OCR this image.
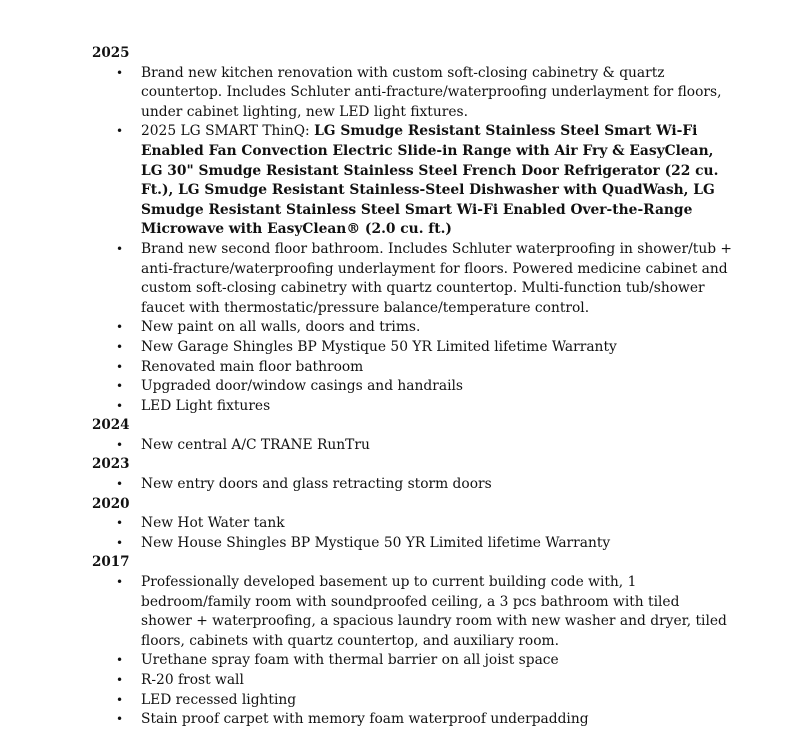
2025
• Brand new kitchen renovation with custom soft-closing cabinetry & quartz countertop. Includes Schluter anti-fracture/waterproofing underlayment for floors, under cabinet lighting, new LED light fixtures.
• 2025 LG SMART ThinQ: LG Smudge Resistant Stainless Steel Smart Wi-Fi Enabled Fan Convection Electric Slide-in Range with Air Fry & EasyClean, LG 30" Smudge Resistant Stainless Steel French Door Refrigerator (22 cu. Ft.), LG Smudge Resistant Stainless-Steel Dishwasher with QuadWash, LG Smudge Resistant Stainless Steel Smart Wi-Fi Enabled Over-the-Range Microwave with EasyClean® (2.0 cu. ft.)
• Brand new second floor bathroom. Includes Schluter waterproofing in shower/tub + anti-fracture/waterproofing underlayment for floors. Powered medicine cabinet and custom soft-closing cabinetry with quartz countertop. Multi-function tub/shower faucet with thermostatic/pressure balance/temperature control.
• New paint on all walls, doors and trims.
• New Garage Shingles BP Mystique 50 YR Limited lifetime Warranty
• Renovated main floor bathroom
• Upgraded door/window casings and handrails
• LED Light fixtures
2024
• New central A/C TRANE RunTru
2023
• New entry doors and glass retracting storm doors
2020
• New Hot Water tank
• New House Shingles BP Mystique 50 YR Limited lifetime Warranty
2017
• Professionally developed basement up to current building code with, 1 bedroom/family room with soundproofed ceiling, a 3 pcs bathroom with tiled shower + waterproofing, a spacious laundry room with new washer and dryer, tiled floors, cabinets with quartz countertop, and auxiliary room.
• Urethane spray foam with thermal barrier on all joist space
• R-20 frost wall
• LED recessed lighting
• Stain proof carpet with memory foam waterproof underpadding
